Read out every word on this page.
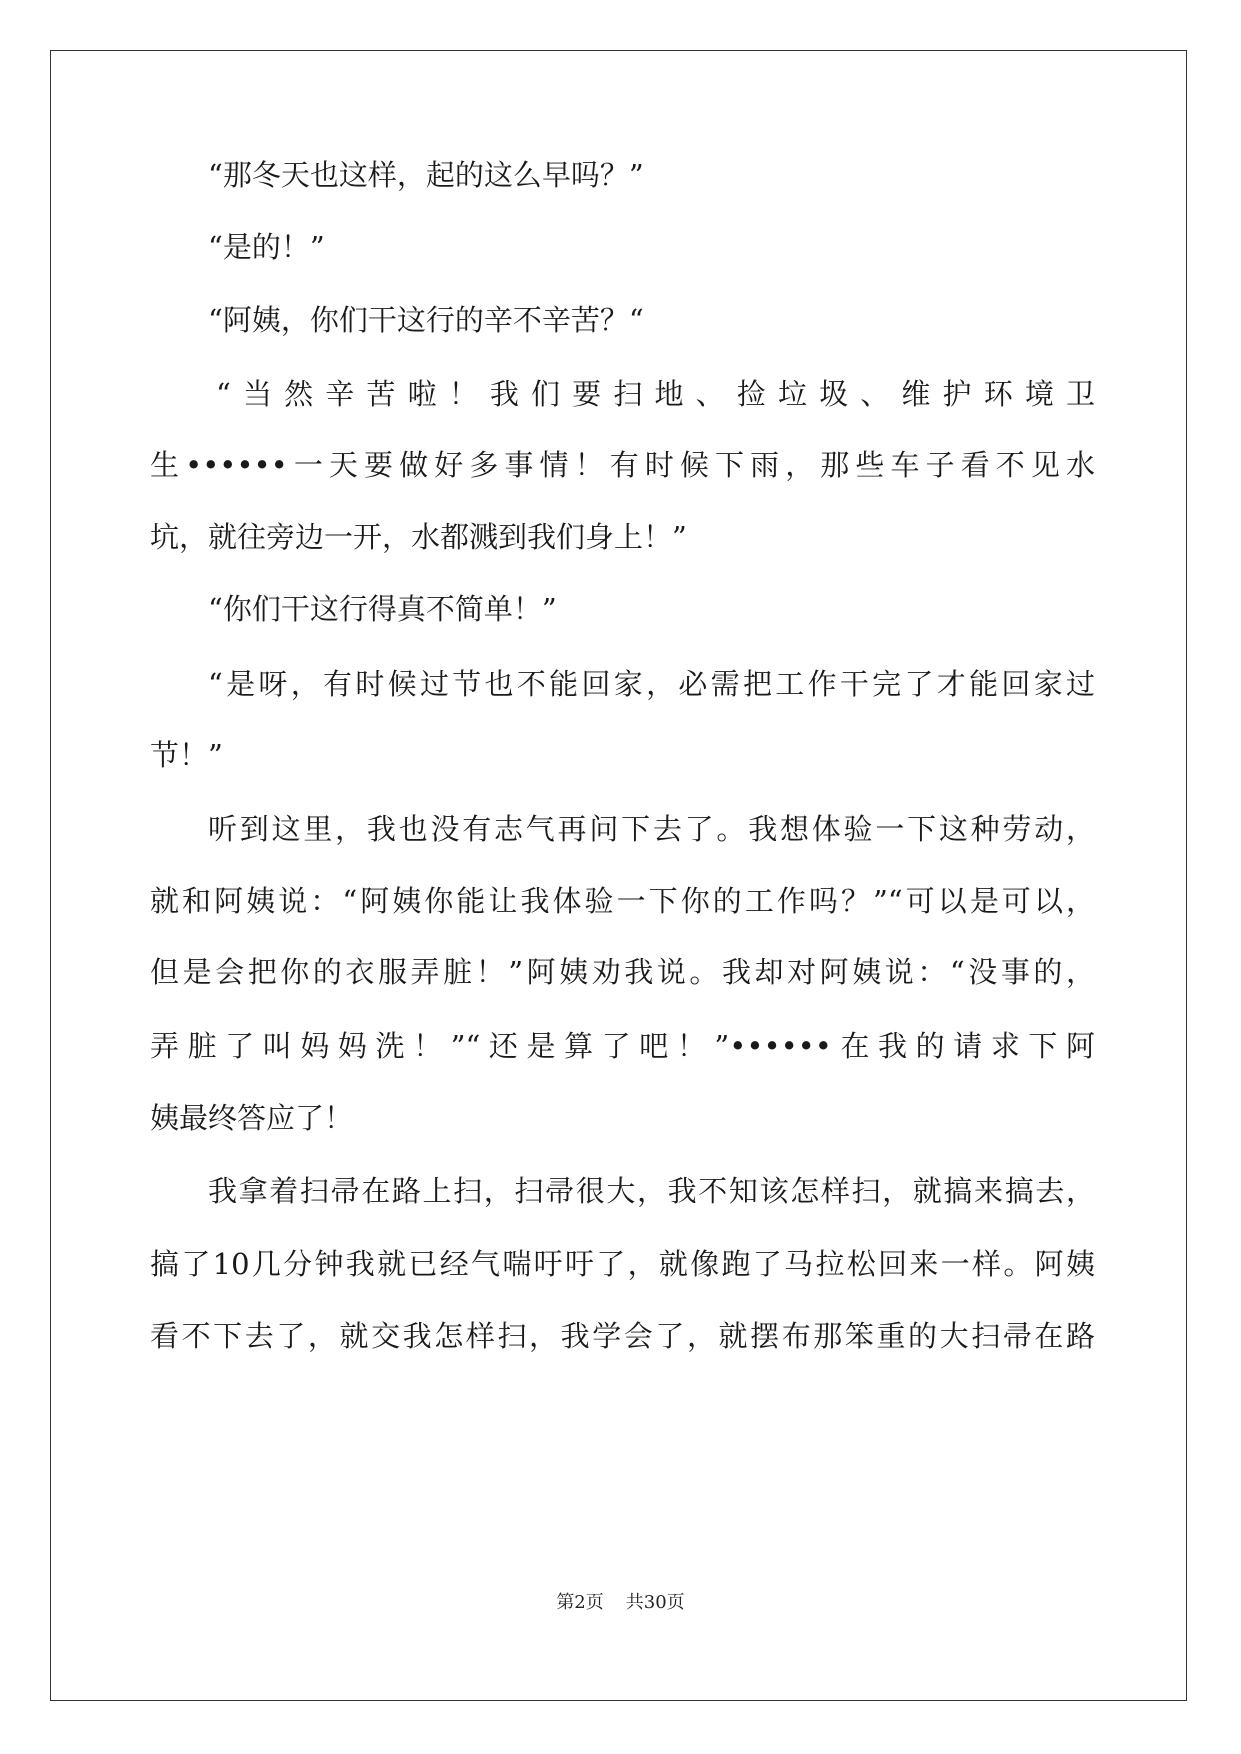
“那冬天也这样，起的这么早吗？”
“是的！”
“阿姨，你们干这行的辛不辛苦？“
“当然辛苦啦！我们要扫地、捡垃圾、维护环境卫
生••••••一天要做好多事情！有时候下雨，那些车子看不见水
坑，就往旁边一开，水都溅到我们身上！”
“你们干这行得真不简单！”
“是呀，有时候过节也不能回家，必需把工作干完了才能回家过
节！”
听到这里，我也没有志气再问下去了。我想体验一下这种劳动，
就和阿姨说：“阿姨你能让我体验一下你的工作吗？”“可以是可以，
但是会把你的衣服弄脏！”阿姨劝我说。我却对阿姨说：“没事的，
弄脏了叫妈妈洗！”“还是算了吧！”••••••在我的请求下阿
姨最终答应了！
我拿着扫帚在路上扫，扫帚很大，我不知该怎样扫，就搞来搞去，
搞了10几分钟我就已经气喘吁吁了，就像跑了马拉松回来一样。阿姨
看不下去了，就交我怎样扫，我学会了，就摆布那笨重的大扫帚在路
第2页 共30页
